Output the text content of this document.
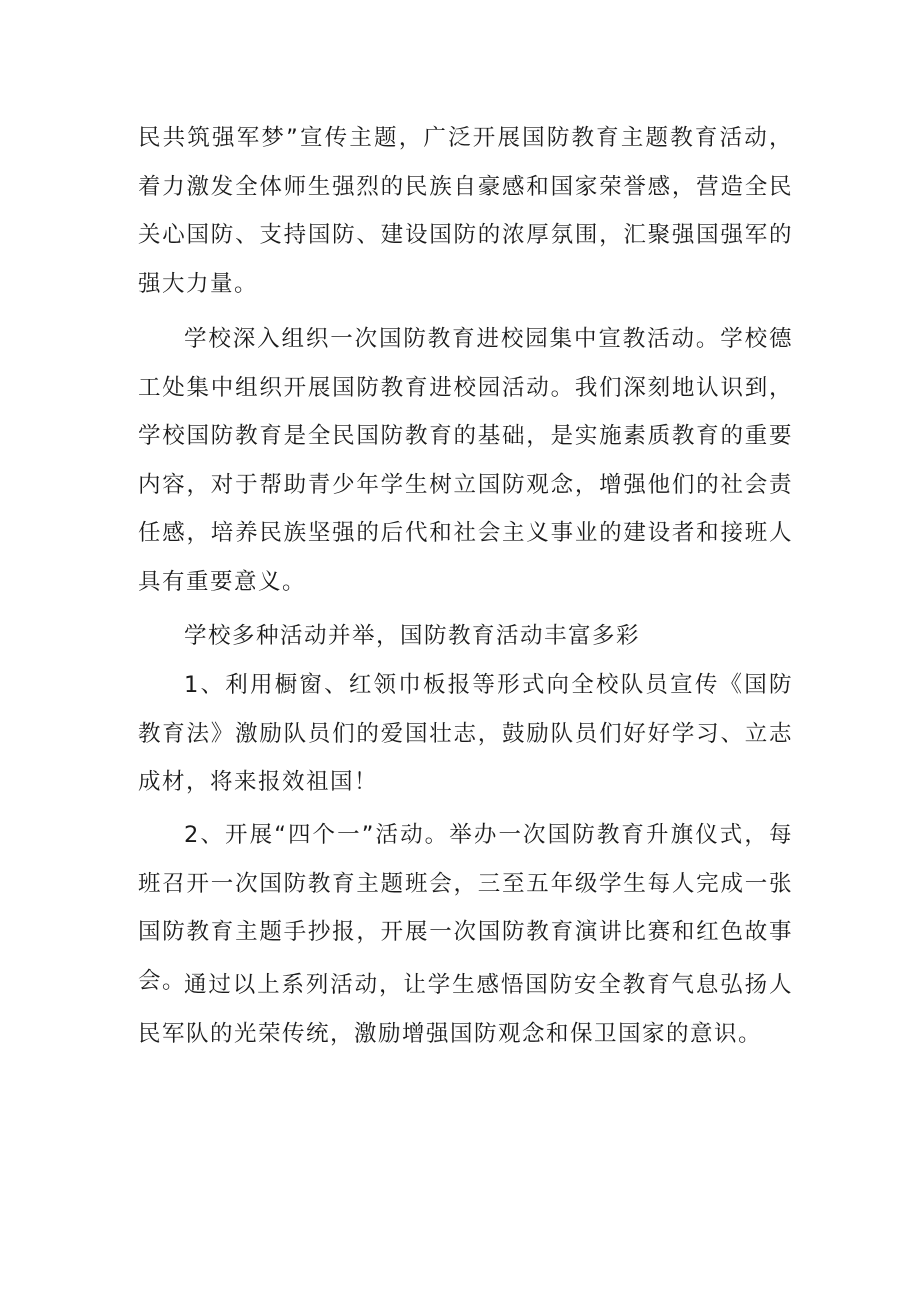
民共筑强军梦”宣传主题，广泛开展国防教育主题教育活动，着力激发全体师生强烈的民族自豪感和国家荣誉感，营造全民关心国防、支持国防、建设国防的浓厚氛围，汇聚强国强军的强大力量。

学校深入组织一次国防教育进校园集中宣教活动。学校德工处集中组织开展国防教育进校园活动。我们深刻地认识到，学校国防教育是全民国防教育的基础，是实施素质教育的重要内容，对于帮助青少年学生树立国防观念，增强他们的社会责任感，培养民族坚强的后代和社会主义事业的建设者和接班人具有重要意义。

学校多种活动并举，国防教育活动丰富多彩

1、利用橱窗、红领巾板报等形式向全校队员宣传《国防教育法》激励队员们的爱国壮志，鼓励队员们好好学习、立志成材，将来报效祖国！

2、开展“四个一”活动。举办一次国防教育升旗仪式，每班召开一次国防教育主题班会，三至五年级学生每人完成一张国防教育主题手抄报，开展一次国防教育演讲比赛和红色故事会。

通过以上系列活动，让学生感悟国防安全教育气息弘扬人民军队的光荣传统，激励增强国防观念和保卫国家的意识。
